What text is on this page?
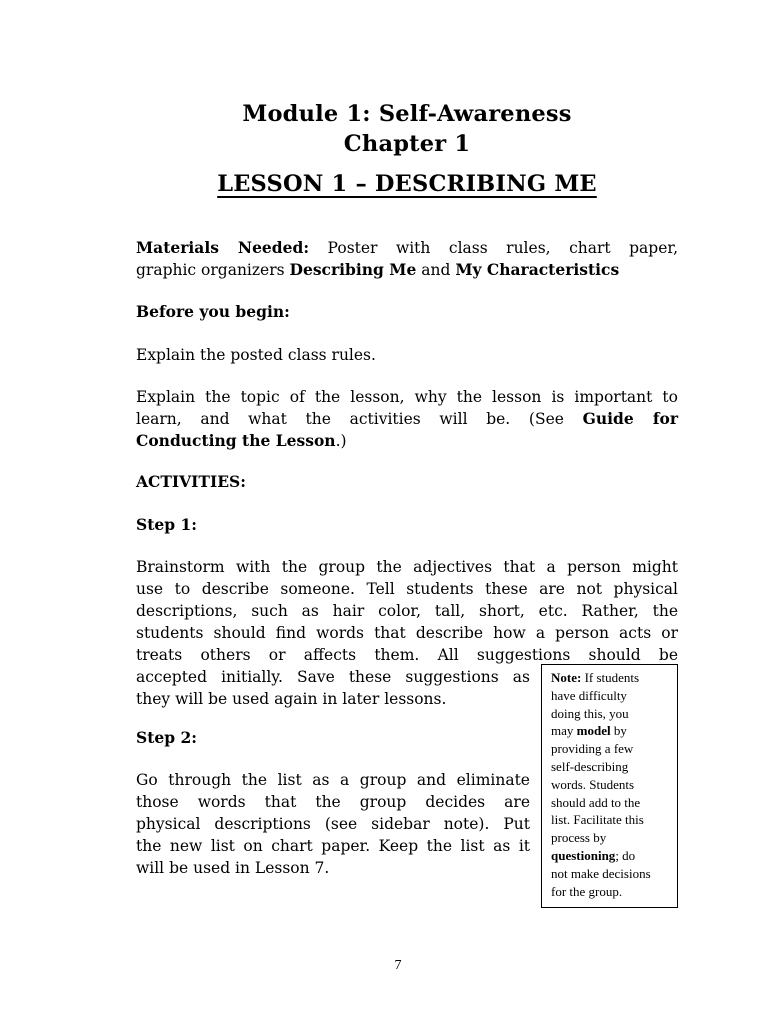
Module 1: Self-Awareness
Chapter 1
LESSON 1 – DESCRIBING ME
Materials Needed: Poster with class rules, chart paper,
graphic organizers Describing Me and My Characteristics
Before you begin:
Explain the posted class rules.
Explain the topic of the lesson, why the lesson is important to
learn, and what the activities will be. (See Guide for
Conducting the Lesson.)
ACTIVITIES:
Step 1:
Brainstorm with the group the adjectives that a person might
use to describe someone. Tell students these are not physical
descriptions, such as hair color, tall, short, etc. Rather, the
students should find words that describe how a person acts or
treats others or affects them. All suggestions should be
accepted initially. Save these suggestions as
they will be used again in later lessons.
Step 2:
Go through the list as a group and eliminate
those words that the group decides are
physical descriptions (see sidebar note). Put
the new list on chart paper. Keep the list as it
will be used in Lesson 7.
Note: If students
have difficulty
doing this, you
may model by
providing a few
self-describing
words. Students
should add to the
list. Facilitate this
process by
questioning; do
not make decisions
for the group.
7
